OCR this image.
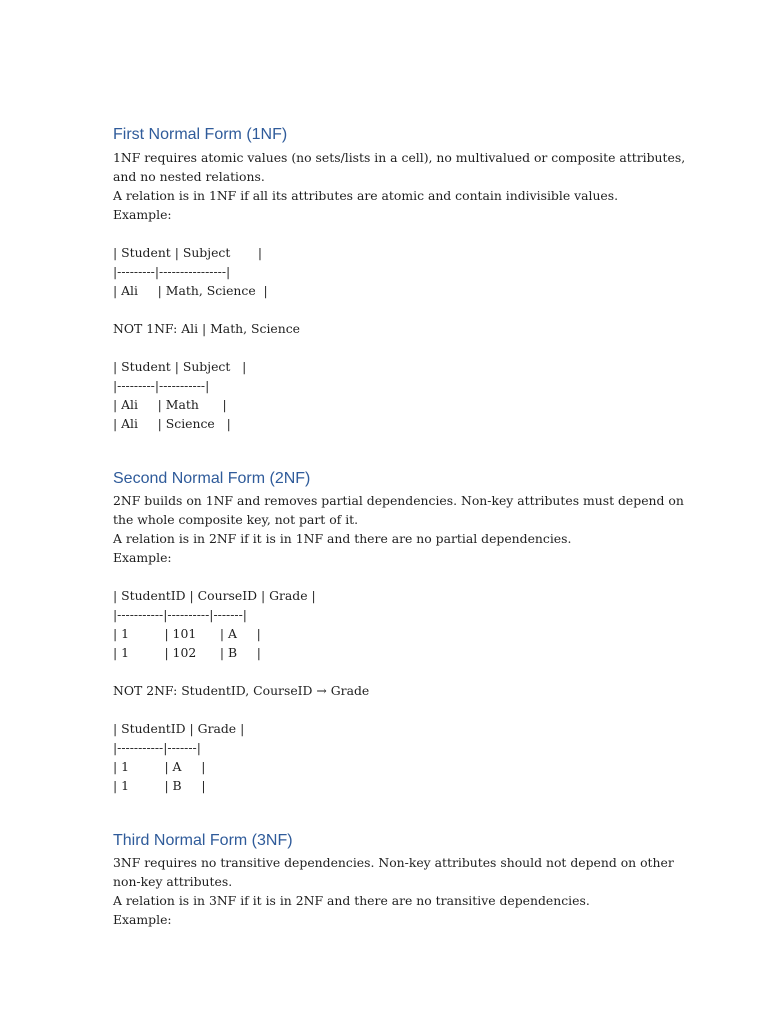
First Normal Form (1NF)

1NF requires atomic values (no sets/lists in a cell), no multivalued or composite attributes,

and no nested relations.

A relation is in 1NF if all its attributes are atomic and contain indivisible values.

Example:

| Student | Subject       |

|---------|----------------|

| Ali     | Math, Science  |

NOT 1NF: Ali | Math, Science

| Student | Subject   |

|---------|-----------|

| Ali     | Math      |

| Ali     | Science   |

Second Normal Form (2NF)

2NF builds on 1NF and removes partial dependencies. Non-key attributes must depend on

the whole composite key, not part of it.

A relation is in 2NF if it is in 1NF and there are no partial dependencies.

Example:

| StudentID | CourseID | Grade |

|-----------|----------|-------|

| 1         | 101      | A     |

| 1         | 102      | B     |

NOT 2NF: StudentID, CourseID → Grade

| StudentID | Grade |

|-----------|-------|

| 1         | A     |

| 1         | B     |

Third Normal Form (3NF)

3NF requires no transitive dependencies. Non-key attributes should not depend on other

non-key attributes.

A relation is in 3NF if it is in 2NF and there are no transitive dependencies.

Example:
